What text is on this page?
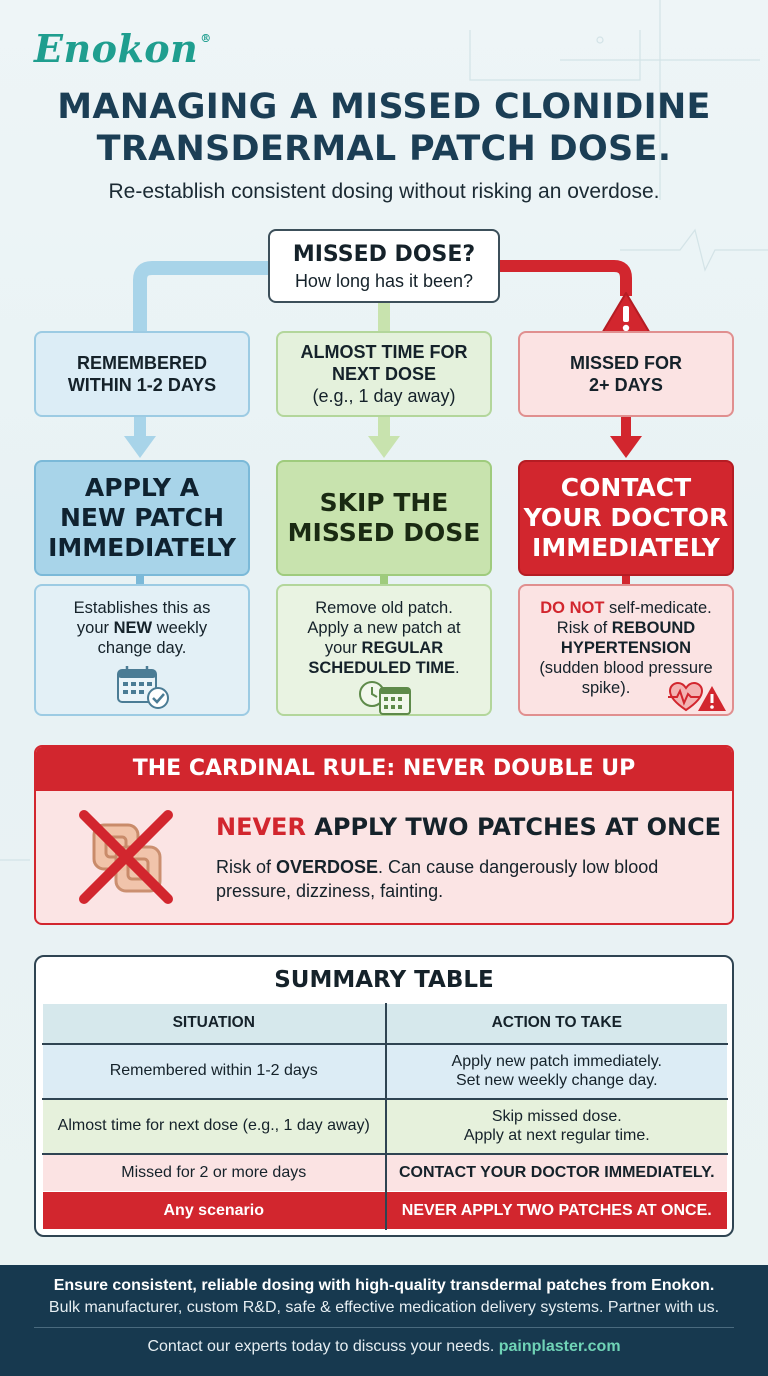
Enokon ®
MANAGING A MISSED CLONIDINE
TRANSDERMAL PATCH DOSE.
Re-establish consistent dosing without risking an overdose.
MISSED DOSE?
How long has it been?
REMEMBERED
WITHIN 1-2 DAYS
ALMOST TIME FOR
NEXT DOSE
(e.g., 1 day away)
MISSED FOR
2+ DAYS
APPLY A
NEW PATCH
IMMEDIATELY
SKIP THE
MISSED DOSE
CONTACT
YOUR DOCTOR
IMMEDIATELY
Establishes this as
your NEW weekly
change day.
Remove old patch.
Apply a new patch at
your REGULAR
SCHEDULED TIME.
DO NOT self-medicate.
Risk of REBOUND
HYPERTENSION
(sudden blood pressure
spike).
THE CARDINAL RULE: NEVER DOUBLE UP
NEVER APPLY TWO PATCHES AT ONCE
Risk of OVERDOSE. Can cause dangerously low blood pressure, dizziness, fainting.
SUMMARY TABLE
SITUATION	ACTION TO TAKE
Remembered within 1-2 days	Apply new patch immediately.
Set new weekly change day.

Almost time for next dose (e.g., 1 day away)	Skip missed dose.
Apply at next regular time.

Missed for 2 or more days	CONTACT YOUR DOCTOR IMMEDIATELY.
Any scenario	NEVER APPLY TWO PATCHES AT ONCE.
Ensure consistent, reliable dosing with high-quality transdermal patches from Enokon.
Bulk manufacturer, custom R&D, safe & effective medication delivery systems. Partner with us.
Contact our experts today to discuss your needs. painplaster.com
